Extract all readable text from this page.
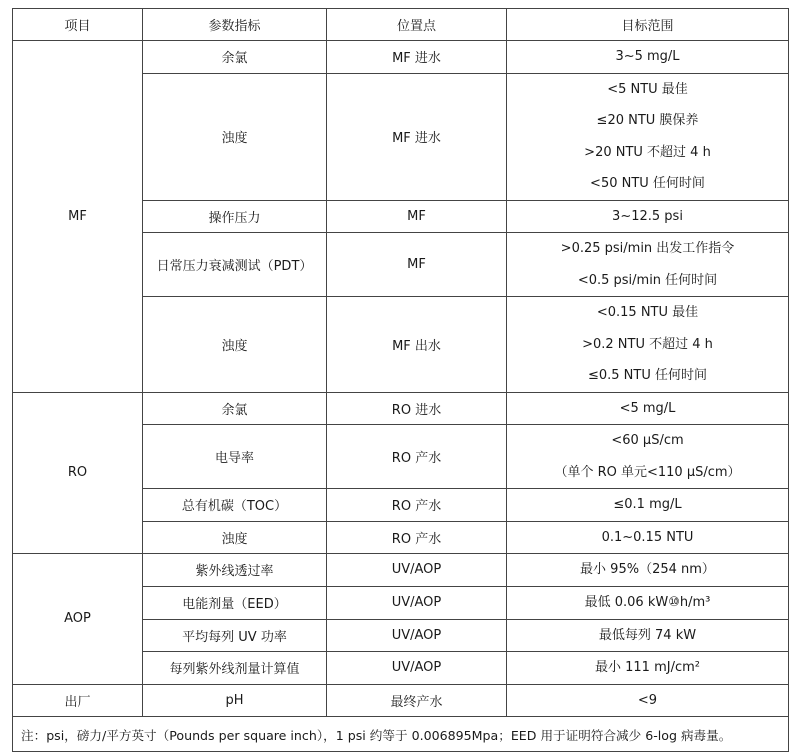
项目	参数指标	位置点	目标范围
MF	余氯	MF 进水	3~5 mg/L

	浊度	MF 进水	<5 NTU 最佳
≤20 NTU 膜保养
>20 NTU 不超过 4 h
<50 NTU 任何时间

	操作压力	MF	3~12.5 psi

	日常压力衰减测试（PDT）	MF	>0.25 psi/min 出发工作指令
<0.5 psi/min 任何时间

	浊度	MF 出水	<0.15 NTU 最佳
>0.2 NTU 不超过 4 h
≤0.5 NTU 任何时间

RO	余氯	RO 进水	<5 mg/L

	电导率	RO 产水	<60 μS/cm
（单个 RO 单元<110 μS/cm）

	总有机碳（TOC）	RO 产水	≤0.1 mg/L

	浊度	RO 产水	0.1~0.15 NTU

AOP	紫外线透过率	UV/AOP	最小 95%（254 nm）

	电能剂量（EED）	UV/AOP	最低 0.06 kW⑩h/m³

	平均每列 UV 功率	UV/AOP	最低每列 74 kW

	每列紫外线剂量计算值	UV/AOP	最小 111 mJ/cm²

出厂	pH	最终产水	<9

注：psi，磅力/平方英寸（Pounds per square inch），1 psi 约等于 0.006895Mpa；EED 用于证明符合减少 6-log 病毒量。			
